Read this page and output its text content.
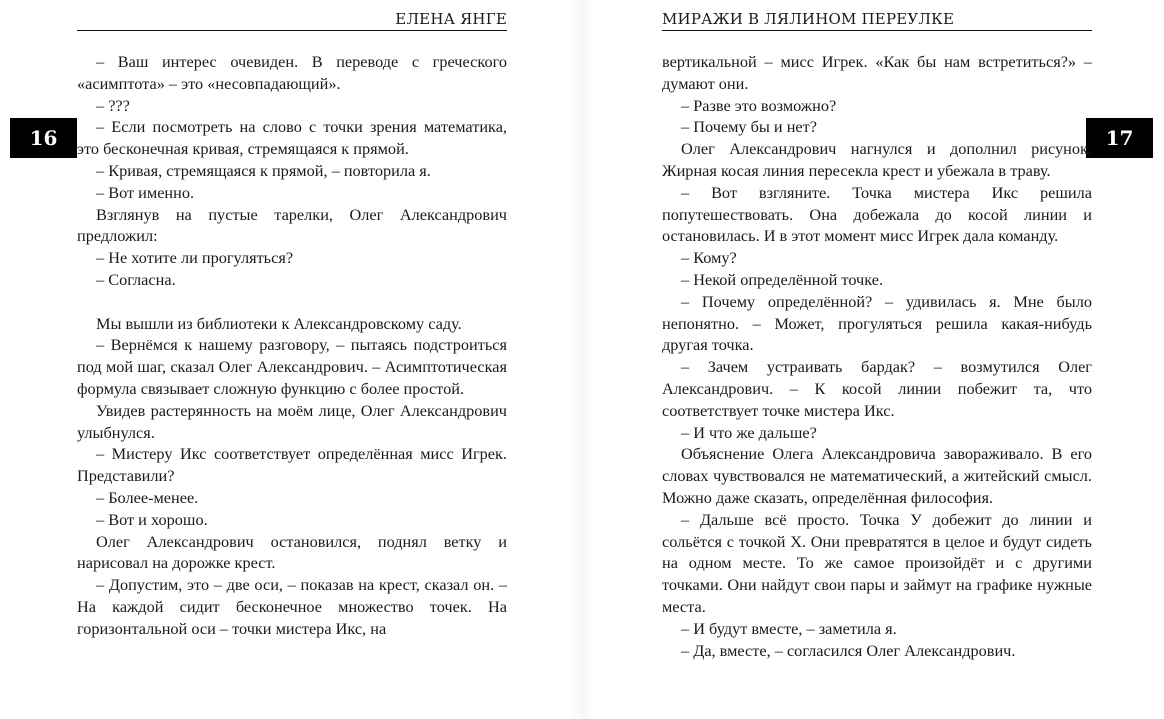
16	17
ЕЛЕНА ЯНГЕ

– Ваш интерес очевиден. В переводе с греческого «асимптота» – это «несовпадающий».

– ???

– Если посмотреть на слово с точки зрения математика, это бесконечная кривая, стремящаяся к прямой.

– Кривая, стремящаяся к прямой, – повторила я.

– Вот именно.

Взглянув на пустые тарелки, Олег Александрович предложил:

– Не хотите ли прогуляться?

– Согласна.

Мы вышли из библиотеки к Александровскому саду.

– Вернёмся к нашему разговору, – пытаясь подстроиться под мой шаг, сказал Олег Александрович. – Асимптотическая формула связывает сложную функцию с более простой.

Увидев растерянность на моём лице, Олег Александрович улыбнулся.

– Мистеру Икс соответствует определённая мисс Игрек. Представили?

– Более-менее.

– Вот и хорошо.

Олег Александрович остановился, поднял ветку и нарисовал на дорожке крест.

– Допустим, это – две оси, – показав на крест, сказал он. – На каждой сидит бесконечное множество точек. На горизонтальной оси – точки мистера Икс, на

МИРАЖИ В ЛЯЛИНОМ ПЕРЕУЛКЕ

вертикальной – мисс Игрек. «Как бы нам встретиться?» – думают они.

– Разве это возможно?

– Почему бы и нет?

Олег Александрович нагнулся и дополнил рисунок. Жирная косая линия пересекла крест и убежала в траву.

– Вот взгляните. Точка мистера Икс решила попутешествовать. Она добежала до косой линии и остановилась. И в этот момент мисс Игрек дала команду.

– Кому?

– Некой определённой точке.

– Почему определённой? – удивилась я. Мне было непонятно. – Может, прогуляться решила какая-нибудь другая точка.

– Зачем устраивать бардак? – возмутился Олег Александрович. – К косой линии побежит та, что соответствует точке мистера Икс.

– И что же дальше?

Объяснение Олега Александровича завораживало. В его словах чувствовался не математический, а житейский смысл. Можно даже сказать, определённая философия.

– Дальше всё просто. Точка У добежит до линии и сольётся с точкой Х. Они превратятся в целое и будут сидеть на одном месте. То же самое произойдёт и с другими точками. Они найдут свои пары и займут на графике нужные места.

– И будут вместе, – заметила я.

– Да, вместе, – согласился Олег Александрович.
